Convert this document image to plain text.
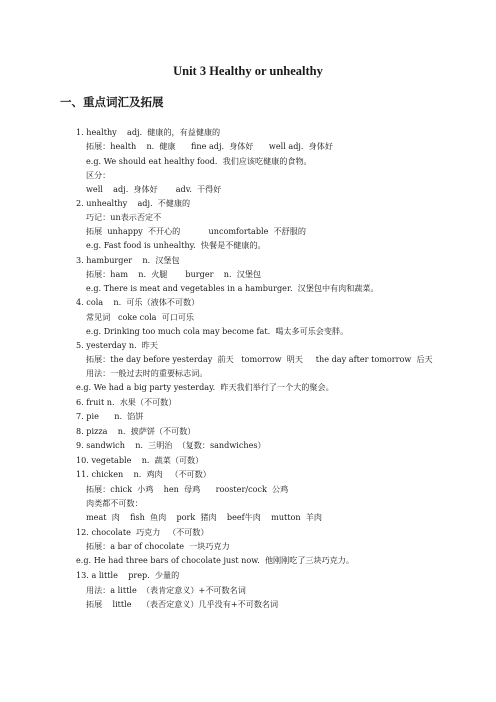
Unit 3 Healthy or unhealthy
一、重点词汇及拓展
1. healthy    adj.  健康的，有益健康的
拓展：health    n.  健康      fine adj.  身体好      well adj.  身体好
e.g. We should eat healthy food.  我们应该吃健康的食物。
区分：
well    adj.  身体好       adv.  干得好
2. unhealthy    adj.  不健康的
巧记：un表示否定不
拓展  unhappy  不开心的           uncomfortable  不舒服的
e.g. Fast food is unhealthy.  快餐是不健康的。
3. hamburger    n.  汉堡包
拓展：ham    n.  火腿       burger    n.  汉堡包
e.g. There is meat and vegetables in a hamburger.  汉堡包中有肉和蔬菜。
4. cola    n.  可乐（液体不可数）
常见词   coke cola  可口可乐
e.g. Drinking too much cola may become fat.  喝太多可乐会变胖。
5. yesterday n.  昨天
拓展：the day before yesterday  前天   tomorrow  明天     the day after tomorrow  后天
用法：一般过去时的重要标志词。
e.g. We had a big party yesterday.  昨天我们举行了一个大的聚会。
6. fruit n.  水果（不可数）
7. pie      n.  馅饼
8. pizza    n.  披萨饼（不可数）
9. sandwich    n.  三明治  （复数：sandwiches）
10. vegetable    n.  蔬菜（可数）
11. chicken    n.  鸡肉   （不可数）
拓展：chick  小鸡    hen  母鸡      rooster/cock  公鸡
肉类都不可数：
meat  肉    fish  鱼肉    pork  猪肉    beef牛肉    mutton  羊肉
12. chocolate  巧克力   （不可数）
拓展：a bar of chocolate  一块巧克力
e.g. He had three bars of chocolate just now.  他刚刚吃了三块巧克力。
13. a little    prep.  少量的
用法：a little  （表肯定意义）+不可数名词
拓展    little    （表否定意义）几乎没有+不可数名词
